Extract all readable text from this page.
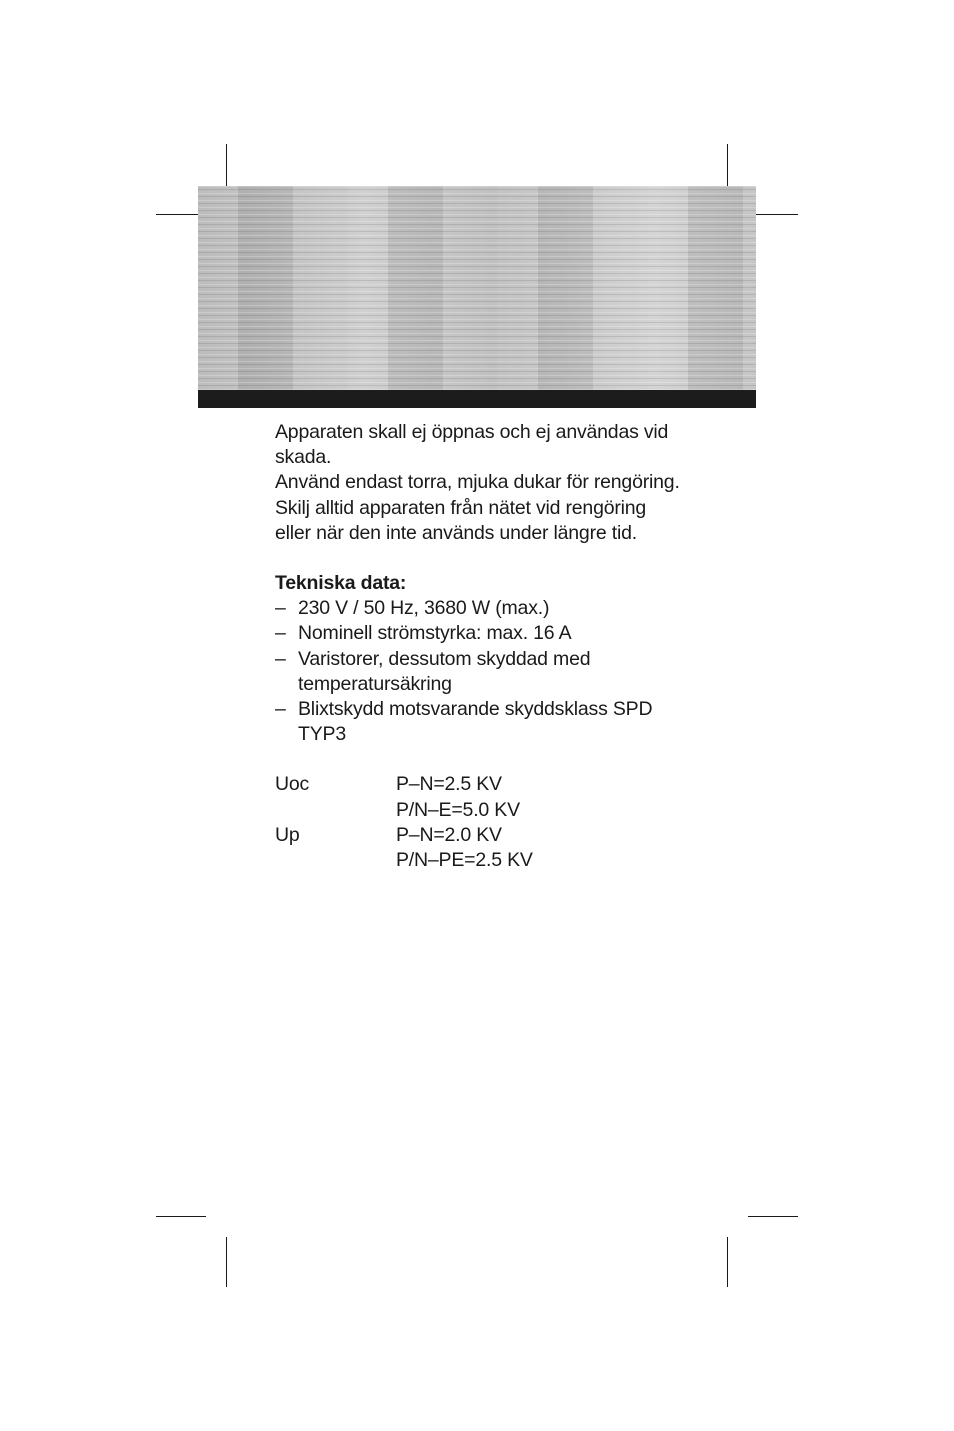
Apparaten skall ej öppnas och ej användas vid skada.

Använd endast torra, mjuka dukar för rengöring. Skilj alltid apparaten från nätet vid rengöring eller när den inte används under längre tid.

Tekniska data:

– 230 V / 50 Hz, 3680 W (max.)
– Nominell strömstyrka: max. 16 A
– Varistorer, dessutom skyddad med temperatursäkring
– Blixtskydd motsvarande skyddsklass SPD TYP3
Uoc	P–N=2.5 KV
P/N–E=5.0 KV
Up	P–N=2.0 KV
P/N–PE=2.5 KV
